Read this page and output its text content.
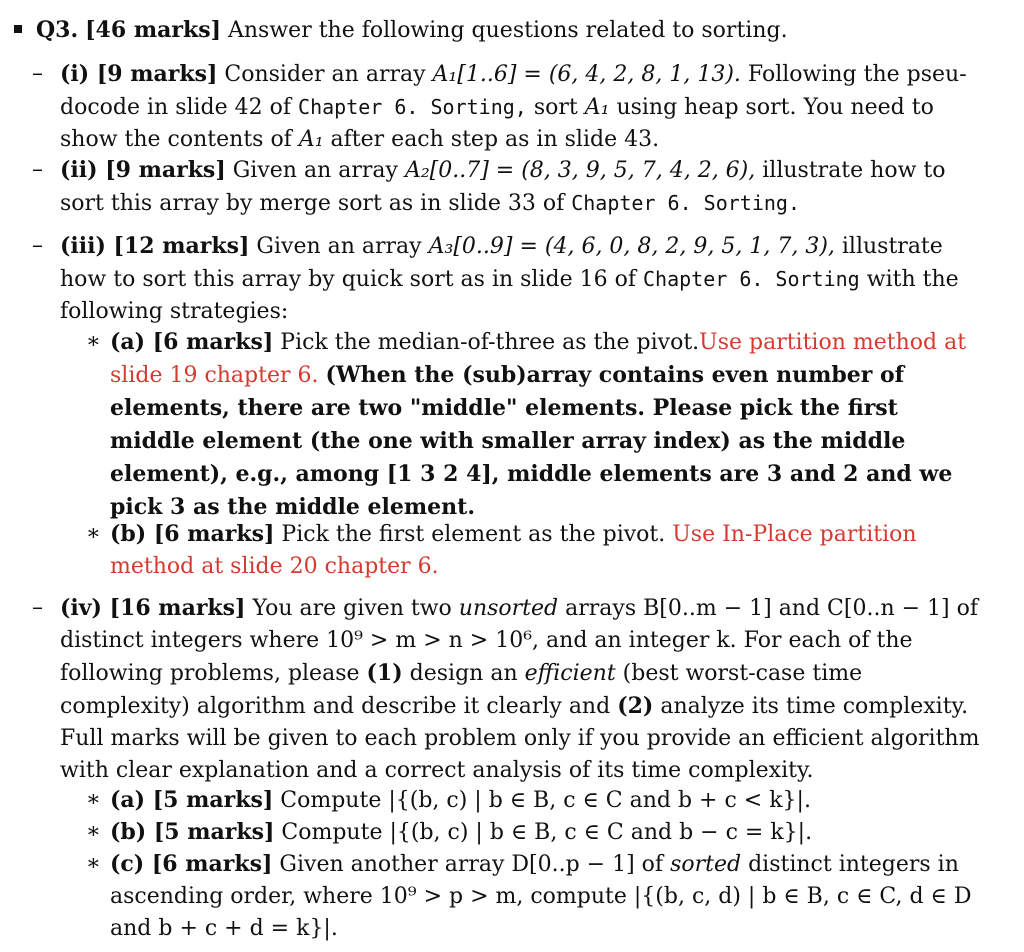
Q3. [46 marks] Answer the following questions related to sorting.
– (i) [9 marks] Consider an array A₁[1..6] = (6, 4, 2, 8, 1, 13). Following the pseu-docode in slide 42 of Chapter 6. Sorting, sort A₁ using heap sort. You need to show the contents of A₁ after each step as in slide 43.
– (ii) [9 marks] Given an array A₂[0..7] = (8, 3, 9, 5, 7, 4, 2, 6), illustrate how to sort this array by merge sort as in slide 33 of Chapter 6. Sorting.
– (iii) [12 marks] Given an array A₃[0..9] = (4, 6, 0, 8, 2, 9, 5, 1, 7, 3), illustrate how to sort this array by quick sort as in slide 16 of Chapter 6. Sorting with the following strategies:
∗ (a) [6 marks] Pick the median-of-three as the pivot.Use partition method at slide 19 chapter 6. (When the (sub)array contains even number of elements, there are two "middle" elements. Please pick the first middle element (the one with smaller array index) as the middle element), e.g., among [1 3 2 4], middle elements are 3 and 2 and we pick 3 as the middle element.
∗ (b) [6 marks] Pick the first element as the pivot. Use In-Place partition method at slide 20 chapter 6.
– (iv) [16 marks] You are given two unsorted arrays B[0..m − 1] and C[0..n − 1] of distinct integers where 10⁹ > m > n > 10⁶, and an integer k. For each of the following problems, please (1) design an efficient (best worst-case time complexity) algorithm and describe it clearly and (2) analyze its time complexity. Full marks will be given to each problem only if you provide an efficient algorithm with clear explanation and a correct analysis of its time complexity.
∗ (a) [5 marks] Compute |{(b, c) | b ∈ B, c ∈ C and b + c < k}|.
∗ (b) [5 marks] Compute |{(b, c) | b ∈ B, c ∈ C and b − c = k}|.
∗ (c) [6 marks] Given another array D[0..p − 1] of sorted distinct integers in ascending order, where 10⁹ > p > m, compute |{(b, c, d) | b ∈ B, c ∈ C, d ∈ D and b + c + d = k}|.
